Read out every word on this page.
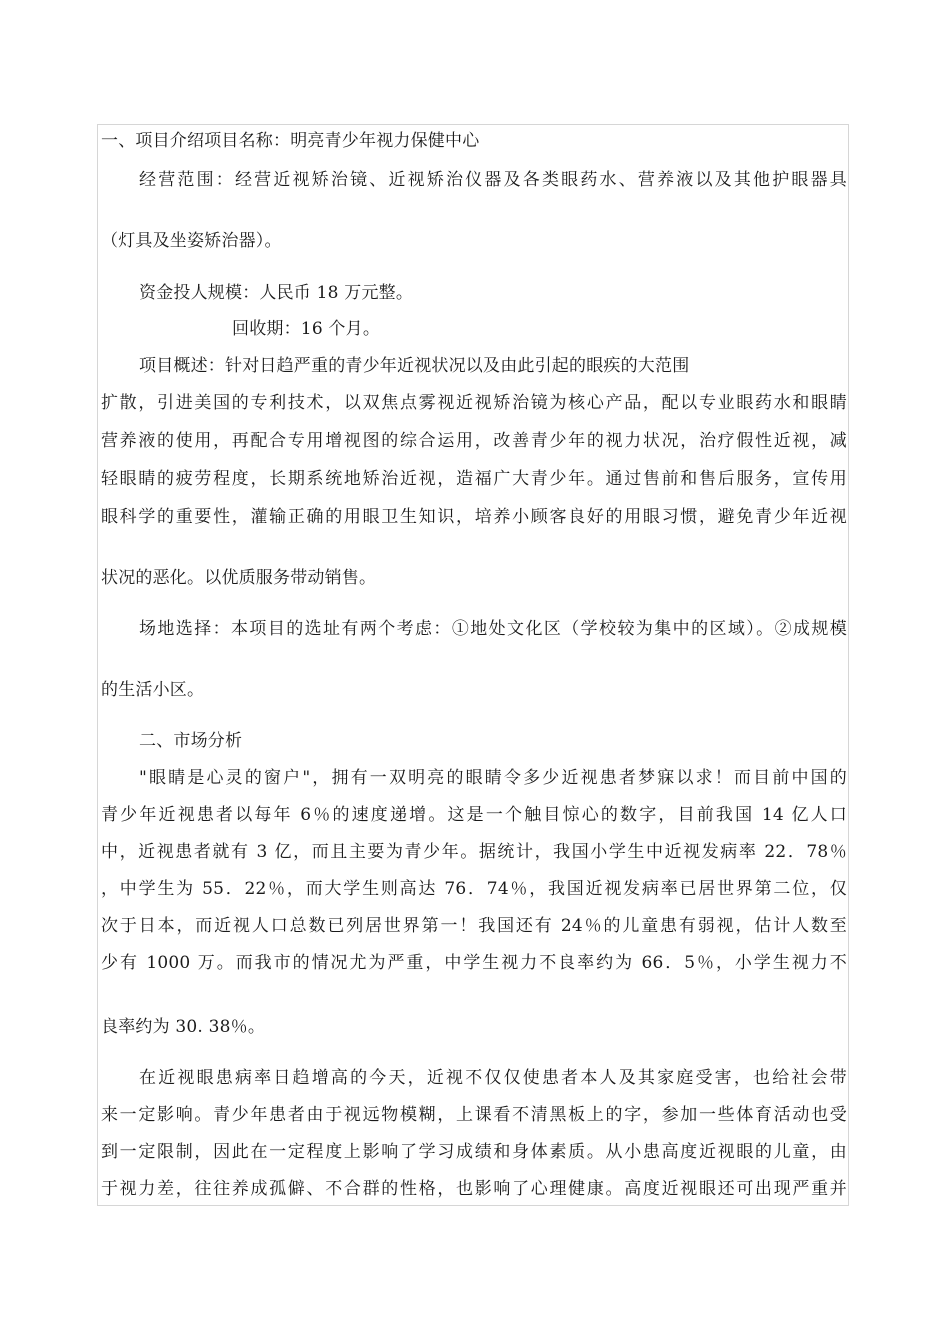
一、项目介绍项目名称：明亮青少年视力保健中心
经营范围：经营近视矫治镜、近视矫治仪器及各类眼药水、营养液以及其他护眼器具
（灯具及坐姿矫治器）。
资金投人规模：人民币 18 万元整。
回收期：16 个月。
项目概述：针对日趋严重的青少年近视状况以及由此引起的眼疾的大范围
扩散，引进美国的专利技术，以双焦点雾视近视矫治镜为核心产品，配以专业眼药水和眼睛
营养液的使用，再配合专用增视图的综合运用，改善青少年的视力状况，治疗假性近视，减
轻眼睛的疲劳程度，长期系统地矫治近视，造福广大青少年。通过售前和售后服务，宣传用
眼科学的重要性，灌输正确的用眼卫生知识，培养小顾客良好的用眼习惯，避免青少年近视
状况的恶化。以优质服务带动销售。
场地选择：本项目的选址有两个考虑：①地处文化区（学校较为集中的区域）。②成规模
的生活小区。
二、市场分析
"眼睛是心灵的窗户"，拥有一双明亮的眼睛令多少近视患者梦寐以求！而目前中国的
青少年近视患者以每年 6％的速度递增。这是一个触目惊心的数字，目前我国 14 亿人口
中，近视患者就有 3 亿，而且主要为青少年。据统计，我国小学生中近视发病率 22．78％
，中学生为 55．22％，而大学生则高达 76．74％，我国近视发病率已居世界第二位，仅
次于日本，而近视人口总数已列居世界第一！我国还有 24％的儿童患有弱视，估计人数至
少有 1000 万。而我市的情况尤为严重，中学生视力不良率约为 66．5％，小学生视力不
良率约为 30. 38％。
在近视眼患病率日趋增高的今天，近视不仅仅使患者本人及其家庭受害，也给社会带
来一定影响。青少年患者由于视远物模糊，上课看不清黑板上的字，参加一些体育活动也受
到一定限制，因此在一定程度上影响了学习成绩和身体素质。从小患高度近视眼的儿童，由
于视力差，往往养成孤僻、不合群的性格，也影响了心理健康。高度近视眼还可出现严重并
